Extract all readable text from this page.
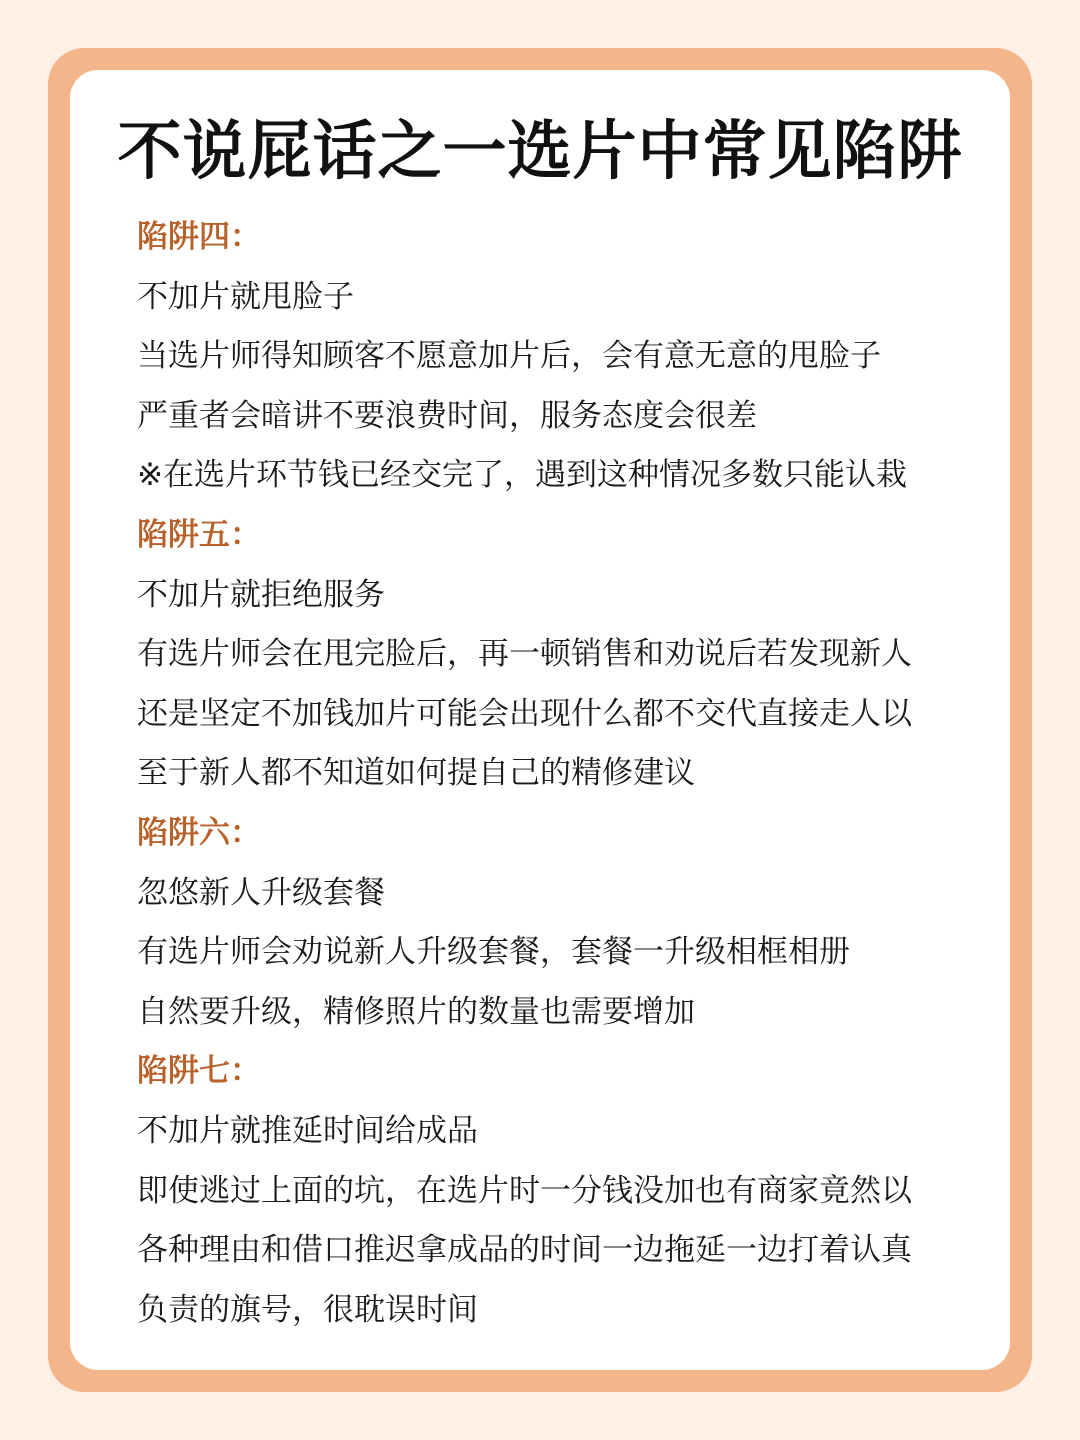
不说屁话之一选片中常见陷阱
陷阱四：
不加片就甩脸子
当选片师得知顾客不愿意加片后，会有意无意的甩脸子
严重者会暗讲不要浪费时间，服务态度会很差
※在选片环节钱已经交完了，遇到这种情况多数只能认栽
陷阱五：
不加片就拒绝服务
有选片师会在甩完脸后，再一顿销售和劝说后若发现新人
还是坚定不加钱加片可能会出现什么都不交代直接走人以
至于新人都不知道如何提自己的精修建议
陷阱六：
忽悠新人升级套餐
有选片师会劝说新人升级套餐，套餐一升级相框相册
自然要升级，精修照片的数量也需要增加
陷阱七：
不加片就推延时间给成品
即使逃过上面的坑，在选片时一分钱没加也有商家竟然以
各种理由和借口推迟拿成品的时间一边拖延一边打着认真
负责的旗号，很耽误时间
